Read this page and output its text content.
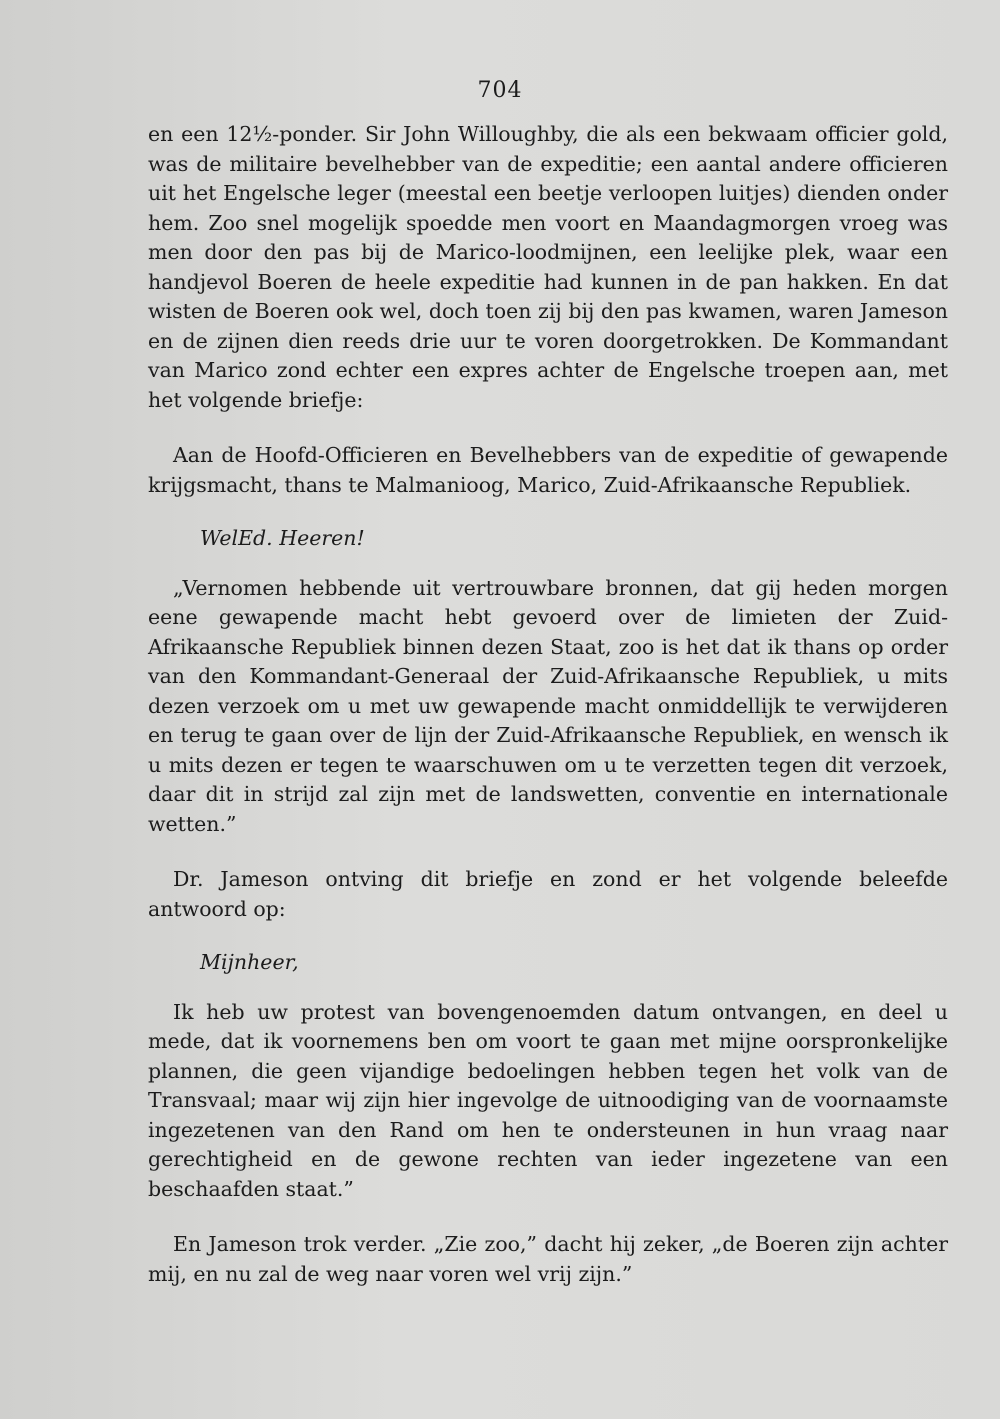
704

en een 12½-ponder. Sir John Willoughby, die als een bekwaam officier gold, was de militaire bevelhebber van de expeditie; een aantal andere officieren uit het Engelsche leger (meestal een beetje verloopen luitjes) dienden onder hem. Zoo snel mogelijk spoedde men voort en Maandagmorgen vroeg was men door den pas bij de Marico-loodmijnen, een leelijke plek, waar een handjevol Boeren de heele expeditie had kunnen in de pan hakken. En dat wisten de Boeren ook wel, doch toen zij bij den pas kwamen, waren Jameson en de zijnen dien reeds drie uur te voren doorgetrokken. De Kommandant van Marico zond echter een expres achter de Engelsche troepen aan, met het volgende briefje:

Aan de Hoofd-Officieren en Bevelhebbers van de expeditie of gewapende krijgsmacht, thans te Malmanioog, Marico, Zuid-Afrikaansche Republiek.

WelEd. Heeren!

„Vernomen hebbende uit vertrouwbare bronnen, dat gij heden morgen eene gewapende macht hebt gevoerd over de limieten der Zuid-Afrikaansche Republiek binnen dezen Staat, zoo is het dat ik thans op order van den Kommandant-Generaal der Zuid-Afrikaansche Republiek, u mits dezen verzoek om u met uw gewapende macht onmiddellijk te verwijderen en terug te gaan over de lijn der Zuid-Afrikaansche Republiek, en wensch ik u mits dezen er tegen te waarschuwen om u te verzetten tegen dit verzoek, daar dit in strijd zal zijn met de landswetten, conventie en internationale wetten.”

Dr. Jameson ontving dit briefje en zond er het volgende beleefde antwoord op:

Mijnheer,

Ik heb uw protest van bovengenoemden datum ontvangen, en deel u mede, dat ik voornemens ben om voort te gaan met mijne oorspronkelijke plannen, die geen vijandige bedoelingen hebben tegen het volk van de Transvaal; maar wij zijn hier ingevolge de uitnoodiging van de voornaamste ingezetenen van den Rand om hen te ondersteunen in hun vraag naar gerechtigheid en de gewone rechten van ieder ingezetene van een beschaafden staat.”

En Jameson trok verder. „Zie zoo,” dacht hij zeker, „de Boeren zijn achter mij, en nu zal de weg naar voren wel vrij zijn.”
